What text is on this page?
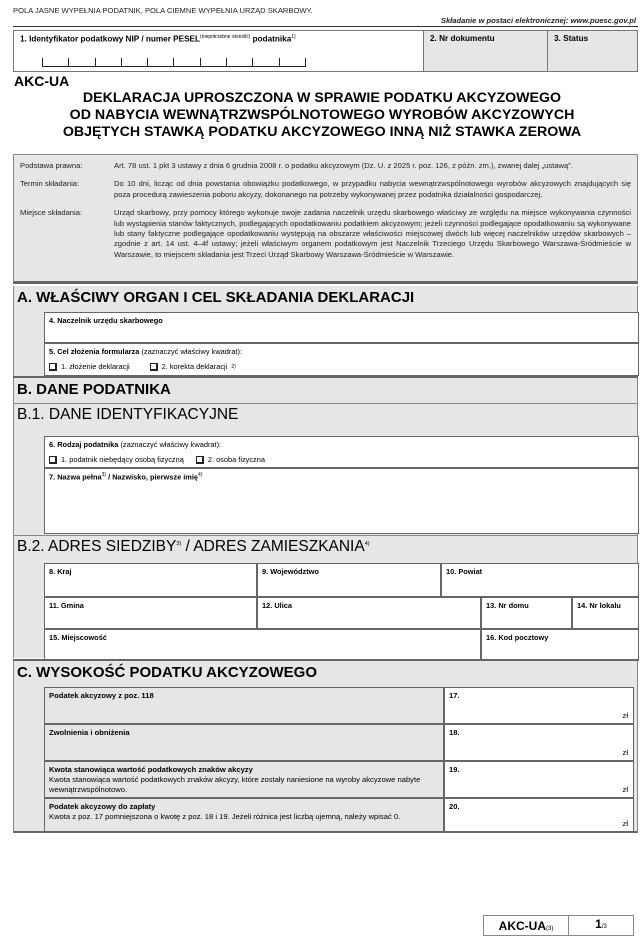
POLA JASNE WYPEŁNIA PODATNIK, POLA CIEMNE WYPEŁNIA URZĄD SKARBOWY.
Składanie w postaci elektronicznej: www.puesc.gov.pl
1. Identyfikator podatkowy NIP / numer $PESEL^{(niepotrzebne skreślić)}$ podatnika$^{1)}$	2. Nr dokumentu	3. Status
AKC-UA
DEKLARACJA UPROSZCZONA W SPRAWIE PODATKU AKCYZOWEGO
OD NABYCIA WEWNĄTRZWSPÓLNOTOWEGO WYROBÓW AKCYZOWYCH
OBJĘTYCH STAWKĄ PODATKU AKCYZOWEGO INNĄ NIŻ STAWKA ZEROWA
Podstawa prawna:	Art. 78 ust. 1 pkt 3 ustawy z dnia 6 grudnia 2008 r. o podatku akcyzowym (Dz. U. z 2025 r. poz. 126, z późn. zm.), zwanej dalej „ustawą”.
Termin składania:	Do 10 dni, licząc od dnia powstania obowiązku podatkowego, w przypadku nabycia wewnątrzwspólnotowego wyrobów akcyzowych znajdujących się poza procedurą zawieszenia poboru akcyzy, dokonanego na potrzeby wykonywanej przez podatnika działalności gospodarczej.
Miejsce składania:	Urząd skarbowy, przy pomocy którego wykonuje swoje zadania naczelnik urzędu skarbowego właściwy ze względu na miejsce wykonywania czynności lub wystąpienia stanów faktycznych, podlegających opodatkowaniu podatkiem akcyzowym; jeżeli czynności podlegające opodatkowaniu są wykonywane lub stany faktyczne podlegające opodatkowaniu występują na obszarze właściwości miejscowej dwóch lub więcej naczelników urzędów skarbowych – zgodnie z art. 14 ust. 4–4f ustawy; jeżeli właściwym organem podatkowym jest Naczelnik Trzeciego Urzędu Skarbowego Warszawa-Śródmieście w Warszawie, to miejscem składania jest Trzeci Urząd Skarbowy Warszawa-Śródmieście w Warszawie.
A. WŁAŚCIWY ORGAN I CEL SKŁADANIA DEKLARACJI
4. Naczelnik urzędu skarbowego
5. Cel złożenia formularza (zaznaczyć właściwy kwadrat):
1. złożenie deklaracji	2. korekta deklaracji 2)
B. DANE PODATNIKA
B.1. DANE IDENTYFIKACYJNE
6. Rodzaj podatnika (zaznaczyć właściwy kwadrat):
1. podatnik niebędący osobą fizyczną	2. osoba fizyczna
7. Nazwa pełna$^{3)}$ / Nazwisko, pierwsze imię$^{4)}$
B.2. ADRES SIEDZIBY$^{3)}$ / ADRES ZAMIESZKANIA$^{4)}$
8. Kraj	9. Województwo	10. Powiat
11. Gmina	12. Ulica	13. Nr domu	14. Nr lokalu
15. Miejscowość	16. Kod pocztowy
C. WYSOKOŚĆ PODATKU AKCYZOWEGO
Podatek akcyzowy z poz. 118	17.
zł
Zwolnienia i obniżenia	18.
zł
Kwota stanowiąca wartość podatkowych znaków akcyzy
Kwota stanowiąca wartość podatkowych znaków akcyzy, które zostały naniesione na wyroby akcyzowe nabyte wewnątrzwspólnotowo.
19.
zł
Podatek akcyzowy do zapłaty
Kwota z poz. 17 pomniejszona o kwotę z poz. 18 i 19. Jeżeli różnica jest liczbą ujemną, należy wpisać 0.
20.
zł
AKC-UA(3)	1/3
